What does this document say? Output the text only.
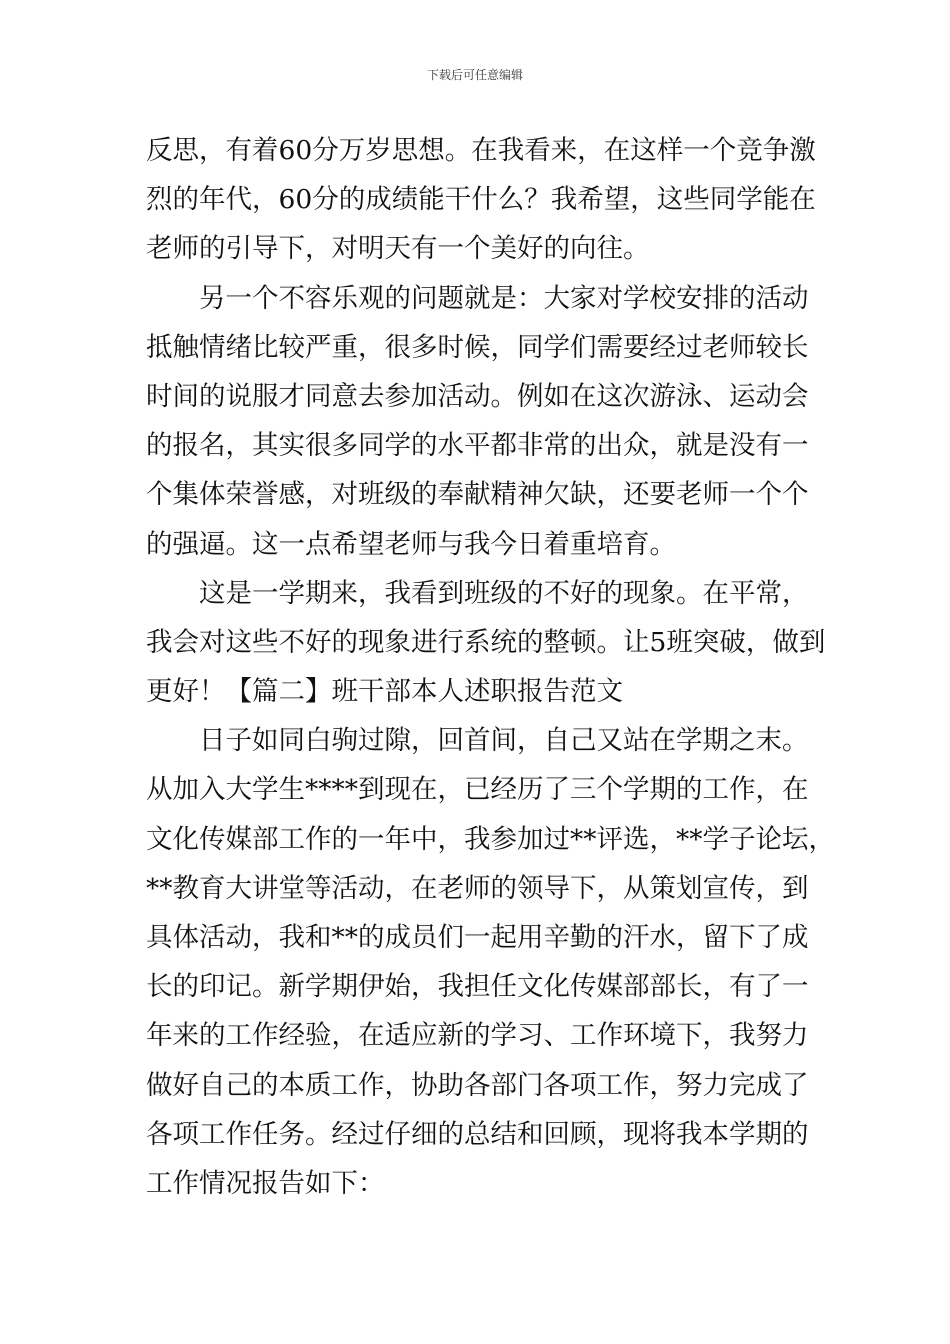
下载后可任意编辑
反思，有着60分万岁思想。在我看来，在这样一个竞争激
烈的年代，60分的成绩能干什么？我希望，这些同学能在
老师的引导下，对明天有一个美好的向往。
另一个不容乐观的问题就是：大家对学校安排的活动
抵触情绪比较严重，很多时候，同学们需要经过老师较长
时间的说服才同意去参加活动。例如在这次游泳、运动会
的报名，其实很多同学的水平都非常的出众，就是没有一
个集体荣誉感，对班级的奉献精神欠缺，还要老师一个个
的强逼。这一点希望老师与我今日着重培育。
这是一学期来，我看到班级的不好的现象。在平常，
我会对这些不好的现象进行系统的整顿。让5班突破，做到
更好！【篇二】班干部本人述职报告范文
日子如同白驹过隙，回首间，自己又站在学期之末。
从加入大学生****到现在，已经历了三个学期的工作，在
文化传媒部工作的一年中，我参加过**评选，**学子论坛，
**教育大讲堂等活动，在老师的领导下，从策划宣传，到
具体活动，我和**的成员们一起用辛勤的汗水，留下了成
长的印记。新学期伊始，我担任文化传媒部部长，有了一
年来的工作经验，在适应新的学习、工作环境下，我努力
做好自己的本质工作，协助各部门各项工作，努力完成了
各项工作任务。经过仔细的总结和回顾，现将我本学期的
工作情况报告如下：
